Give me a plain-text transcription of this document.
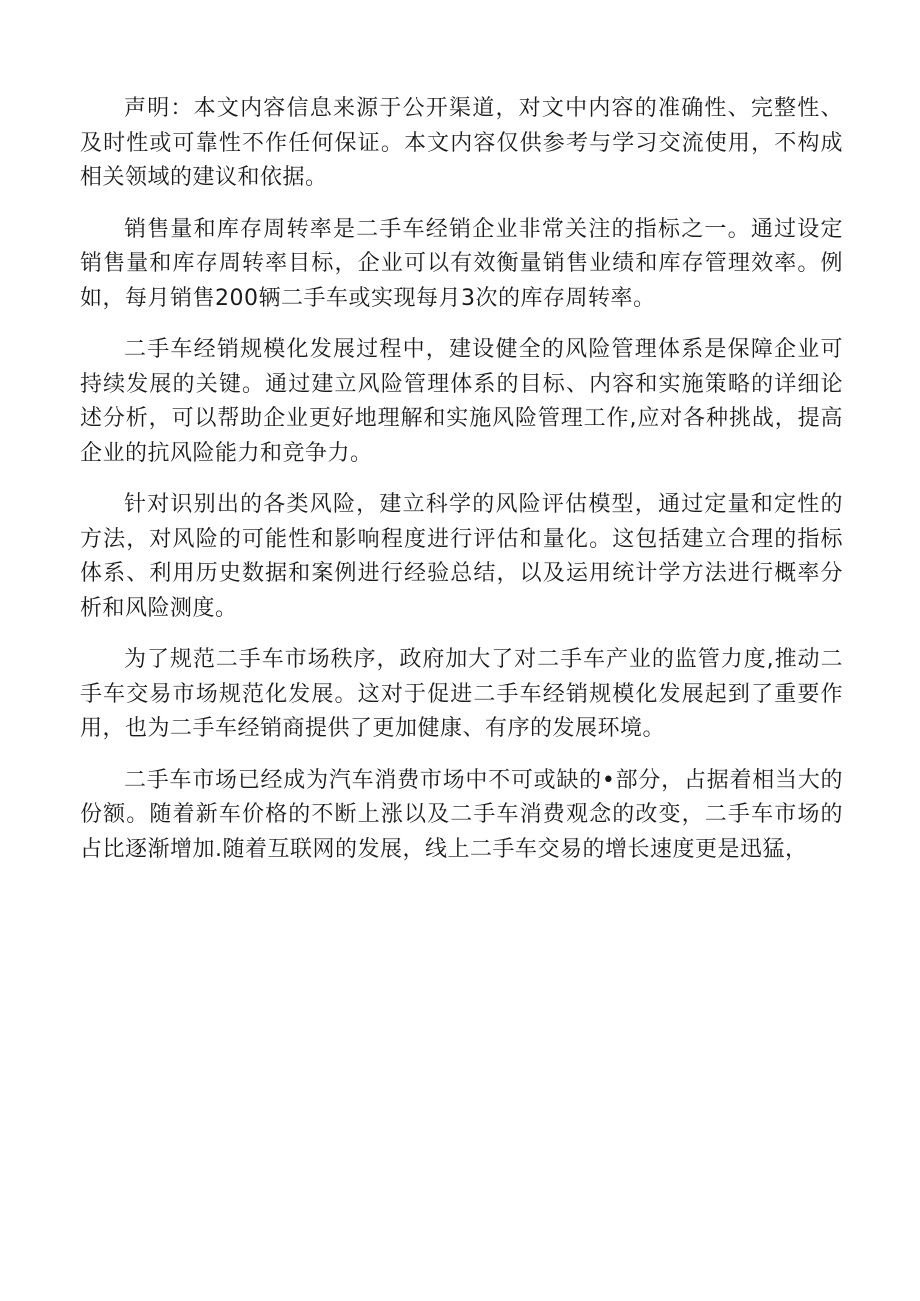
声明：本文内容信息来源于公开渠道，对文中内容的准确性、完整性、及时性或可靠性不作任何保证。本文内容仅供参考与学习交流使用，不构成相关领域的建议和依据。

销售量和库存周转率是二手车经销企业非常关注的指标之一。通过设定销售量和库存周转率目标，企业可以有效衡量销售业绩和库存管理效率。例如，每月销售200辆二手车或实现每月3次的库存周转率。

二手车经销规模化发展过程中，建设健全的风险管理体系是保障企业可持续发展的关键。通过建立风险管理体系的目标、内容和实施策略的详细论述分析，可以帮助企业更好地理解和实施风险管理工作,应对各种挑战，提高企业的抗风险能力和竞争力。

针对识别出的各类风险，建立科学的风险评估模型，通过定量和定性的方法，对风险的可能性和影响程度进行评估和量化。这包括建立合理的指标体系、利用历史数据和案例进行经验总结，以及运用统计学方法进行概率分析和风险测度。

为了规范二手车市场秩序，政府加大了对二手车产业的监管力度,推动二手车交易市场规范化发展。这对于促进二手车经销规模化发展起到了重要作用，也为二手车经销商提供了更加健康、有序的发展环境。

二手车市场已经成为汽车消费市场中不可或缺的•部分，占据着相当大的份额。随着新车价格的不断上涨以及二手车消费观念的改变，二手车市场的占比逐渐增加.随着互联网的发展，线上二手车交易的增长速度更是迅猛，
